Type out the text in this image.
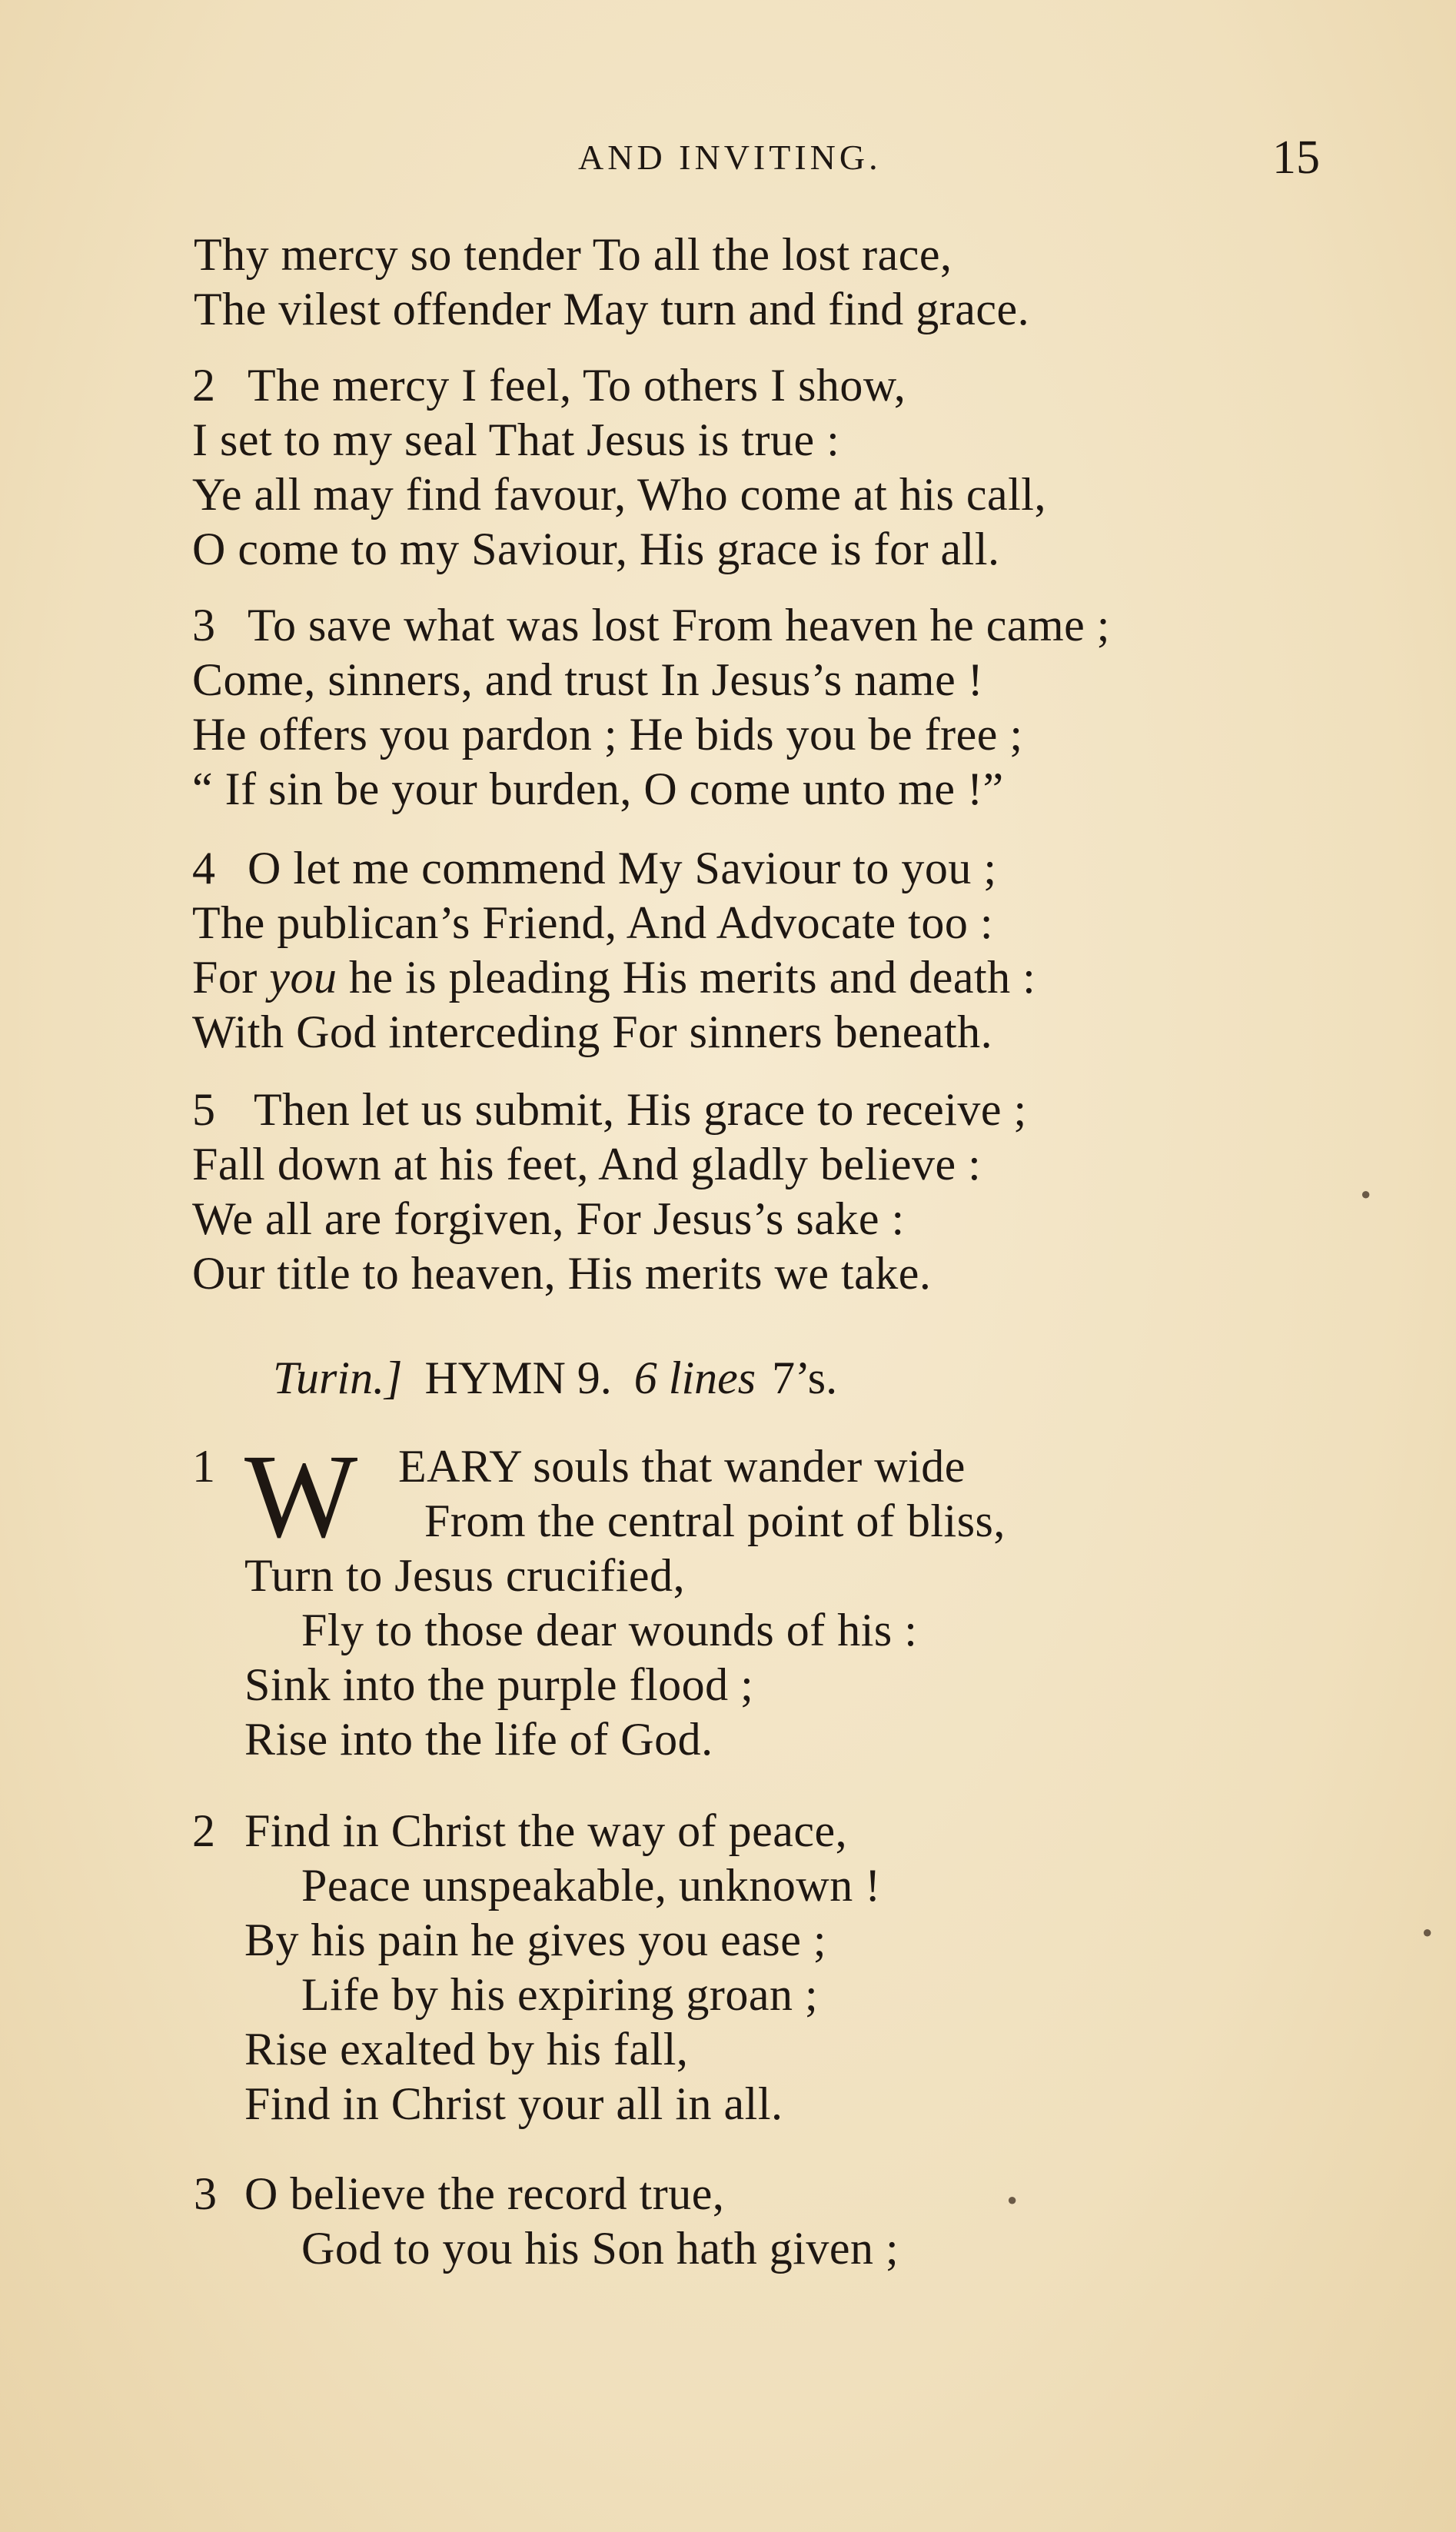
AND INVITING.	15
Thy mercy so tender To all the lost race,
The vilest offender May turn and find grace.
2 The mercy I feel, To others I show,
I set to my seal That Jesus is true :
Ye all may find favour, Who come at his call,
O come to my Saviour, His grace is for all.
3 To save what was lost From heaven he came ;
Come, sinners, and trust In Jesus’s name !
He offers you pardon ; He bids you be free ;
“ If sin be your burden, O come unto me !”
4 O let me commend My Saviour to you ;
The publican’s Friend, And Advocate too :
For you he is pleading His merits and death :
With God interceding For sinners beneath.
5 Then let us submit, His grace to receive ;
Fall down at his feet, And gladly believe :
We all are forgiven, For Jesus’s sake :
Our title to heaven, His merits we take.
Turin.] HYMN 9. 6 lines 7’s.
1 W EARY souls that wander wide
From the central point of bliss,
Turn to Jesus crucified,
Fly to those dear wounds of his :
Sink into the purple flood ;
Rise into the life of God.
2 Find in Christ the way of peace,
Peace unspeakable, unknown !
By his pain he gives you ease ;
Life by his expiring groan ;
Rise exalted by his fall,
Find in Christ your all in all.
3 O believe the record true,
God to you his Son hath given ;
●
●
●
